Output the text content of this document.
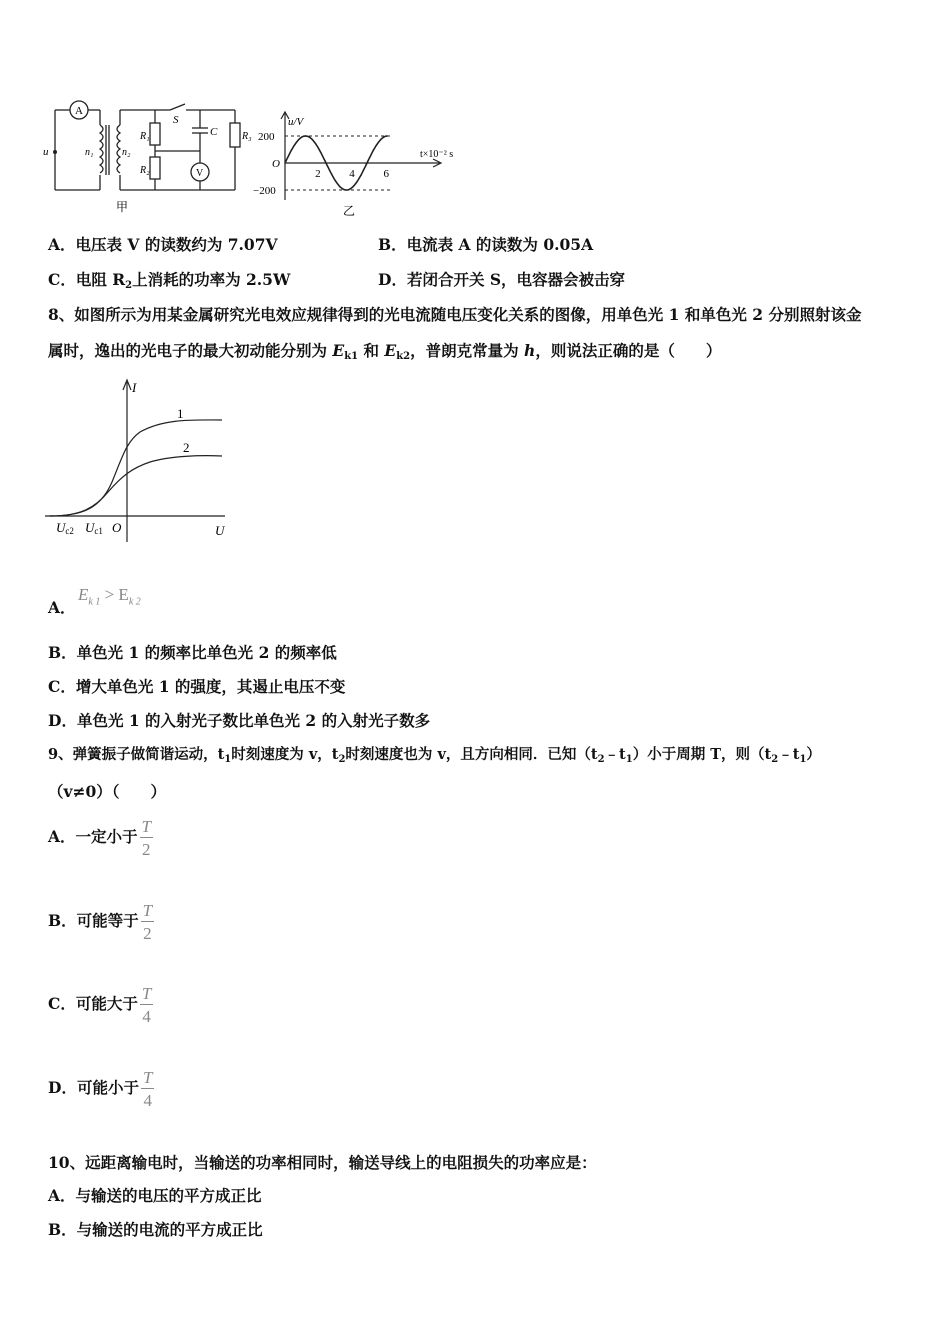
A
u	n₁	n₂
R₁
R₂
S
C R₃
V
甲
200
−200
2	4	6
u/V
t×10⁻² s
O
乙
A．电压表 V 的读数约为 7.07V	B．电流表 A 的读数为 0.05A
C．电阻 $R_2$上消耗的功率为 2.5W	D．若闭合开关 S，电容器会被击穿
8、如图所示为用某金属研究光电效应规律得到的光电流随电压变化关系的图像，用单色光 1 和单色光 2 分别照射该金
属时，逸出的光电子的最大初动能分别为 $E_{k1}$ 和 $E_{k2}$，普朗克常量为 h，则说法正确的是（　　）
I
U
O
1
2
Uc2 Uc1
A．
$E_{k 1} > E_{k 2}$
B．单色光 1 的频率比单色光 2 的频率低
C．增大单色光 1 的强度，其遏止电压不变
D．单色光 1 的入射光子数比单色光 2 的入射光子数多
9、弹簧振子做简谐运动，$t_1$时刻速度为 v，$t_2$时刻速度也为 v，且方向相同．已知$(t_2﹣t_1)$小于周期 T，则$(t_2﹣t_1)$
（v≠0）（　　）
A．一定小于 $\frac{T}{2}$
B．可能等于 $\frac{T}{2}$
C．可能大于 $\frac{T}{4}$
D．可能小于 $\frac{T}{4}$
10、远距离输电时，当输送的功率相同时，输送导线上的电阻损失的功率应是：
A．与输送的电压的平方成正比
B．与输送的电流的平方成正比
